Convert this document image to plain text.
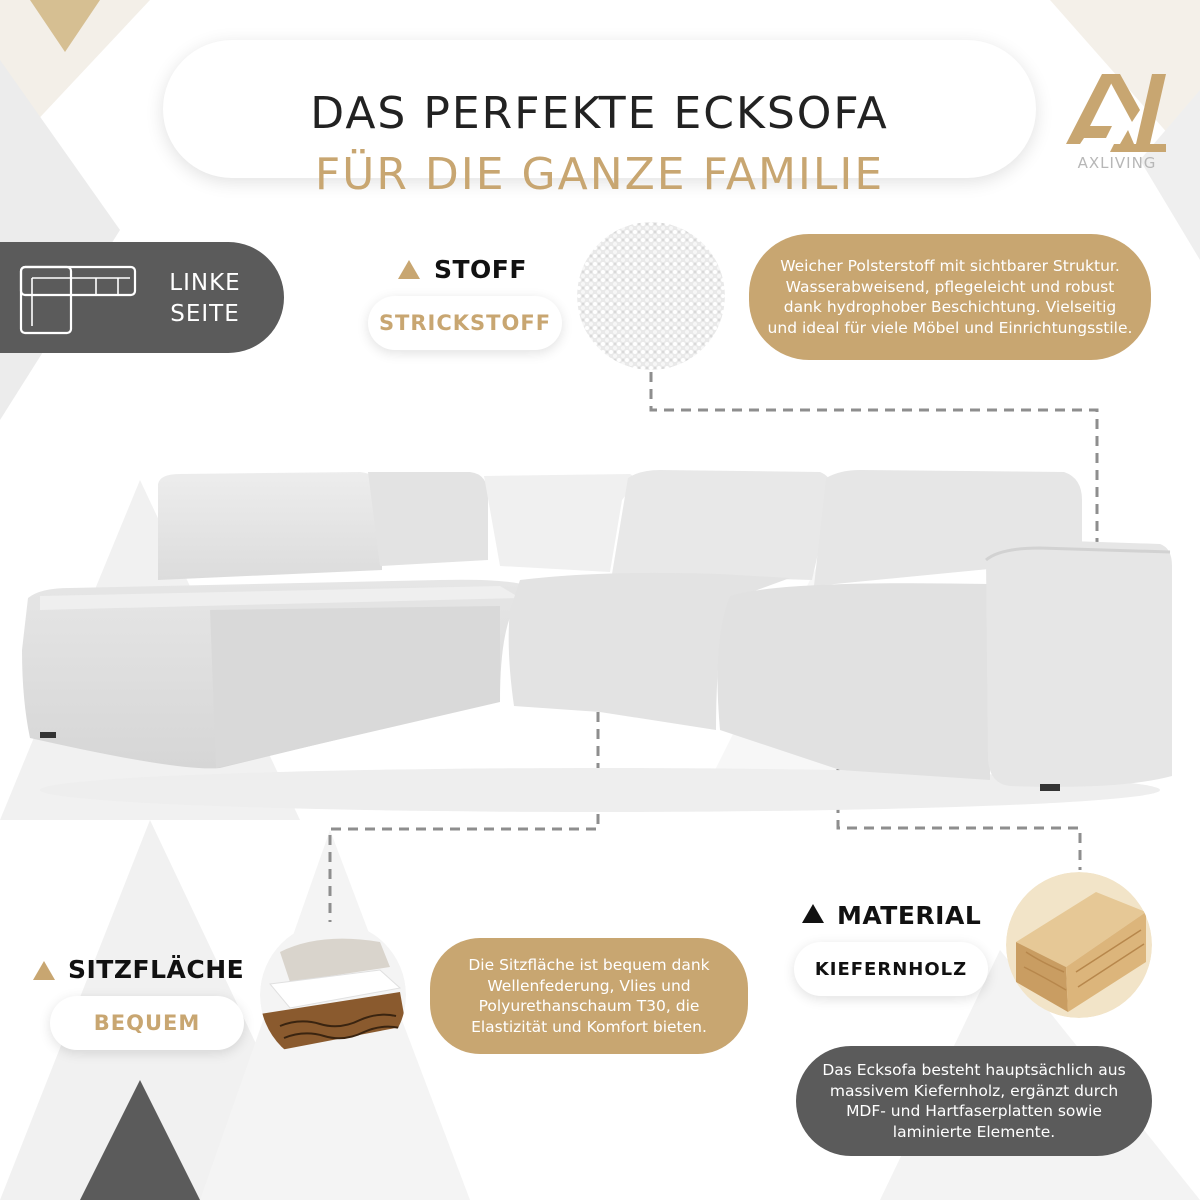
DAS PERFEKTE ECKSOFA
FÜR DIE GANZE FAMILIE	AXLIVING
LINKE
SEITE
STOFF
STRICKSTOFF
Weicher Polsterstoff mit sichtbarer Struktur. Wasserabweisend, pflegeleicht und robust dank hydrophober Beschichtung. Vielseitig und ideal für viele Möbel und Einrichtungsstile.
MATERIAL
KIEFERNHOLZ
Das Ecksofa besteht hauptsächlich aus massivem Kiefernholz, ergänzt durch MDF- und Hartfaserplatten sowie laminierte Elemente.
SITZFLÄCHE
BEQUEM
Die Sitzfläche ist bequem dank Wellenfederung, Vlies und Polyurethanschaum T30, die Elastizität und Komfort bieten.
